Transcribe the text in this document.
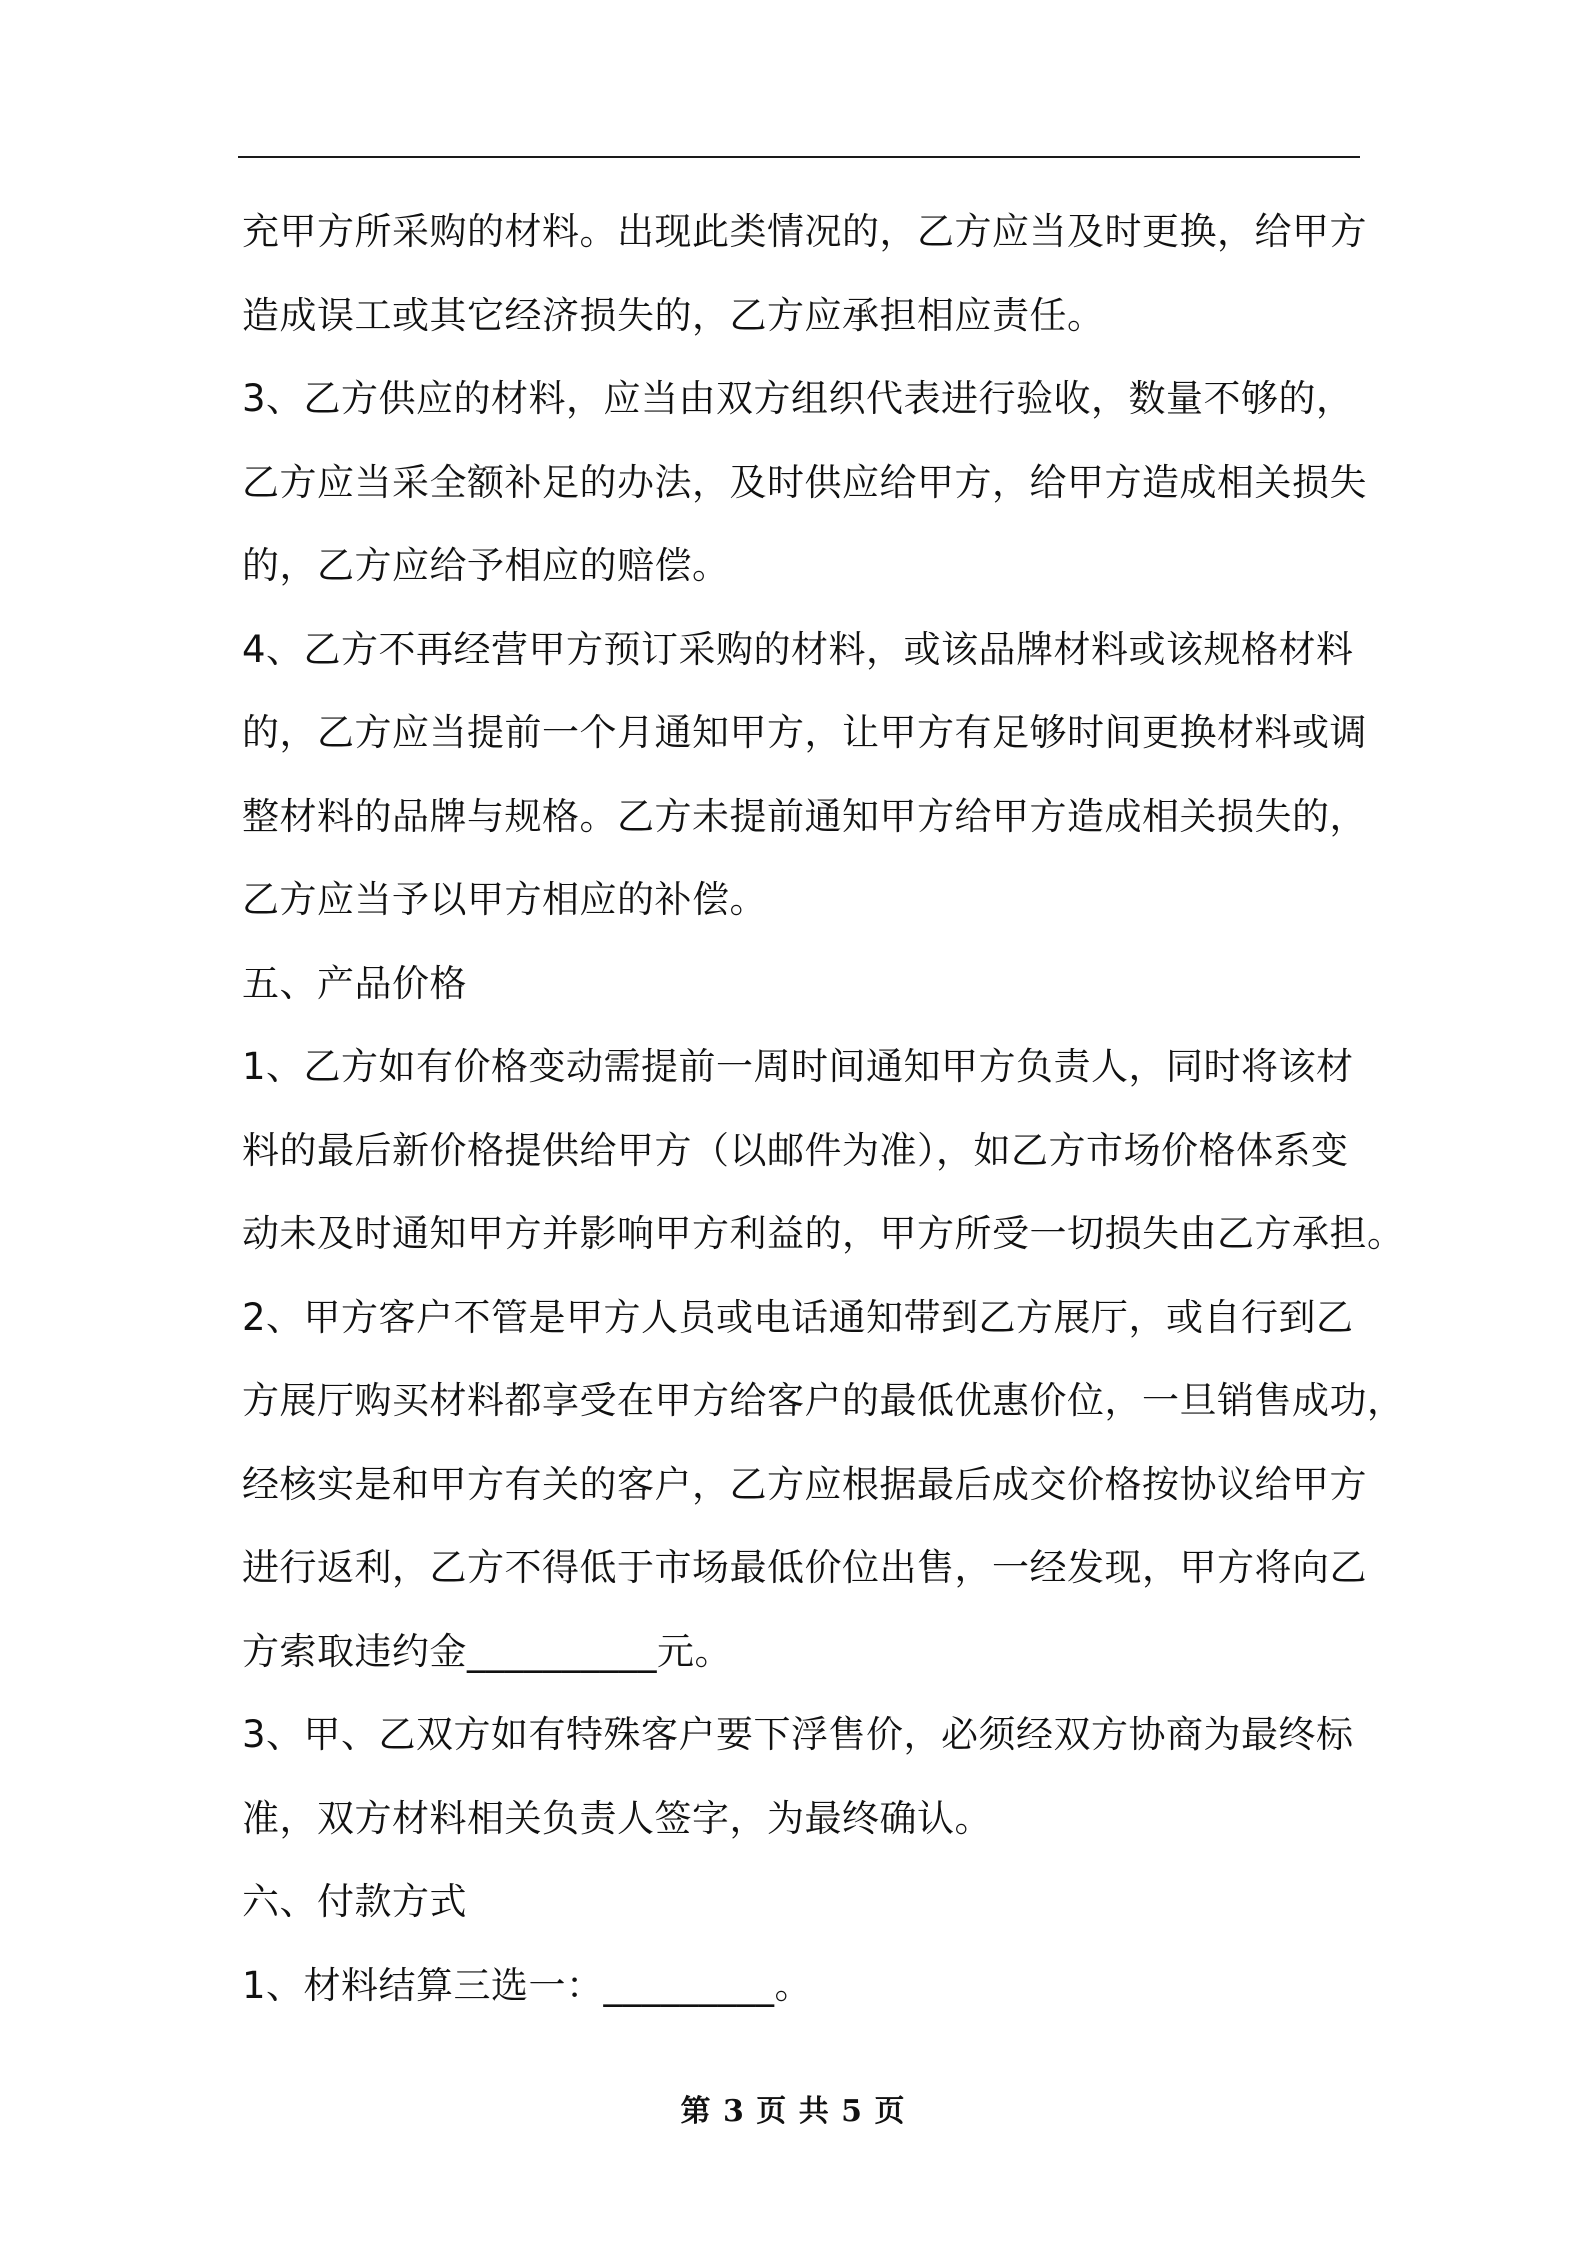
充甲方所采购的材料。出现此类情况的，乙方应当及时更换，给甲方
造成误工或其它经济损失的，乙方应承担相应责任。
3、乙方供应的材料，应当由双方组织代表进行验收，数量不够的，
乙方应当采全额补足的办法，及时供应给甲方，给甲方造成相关损失
的，乙方应给予相应的赔偿。
4、乙方不再经营甲方预订采购的材料，或该品牌材料或该规格材料
的，乙方应当提前一个月通知甲方，让甲方有足够时间更换材料或调
整材料的品牌与规格。乙方未提前通知甲方给甲方造成相关损失的，
乙方应当予以甲方相应的补偿。
五、产品价格
1、乙方如有价格变动需提前一周时间通知甲方负责人，同时将该材
料的最后新价格提供给甲方（以邮件为准），如乙方市场价格体系变
动未及时通知甲方并影响甲方利益的，甲方所受一切损失由乙方承担。
2、甲方客户不管是甲方人员或电话通知带到乙方展厅，或自行到乙
方展厅购买材料都享受在甲方给客户的最低优惠价位，一旦销售成功，
经核实是和甲方有关的客户，乙方应根据最后成交价格按协议给甲方
进行返利，乙方不得低于市场最低价位出售，一经发现，甲方将向乙
方索取违约金__________元。
3、甲、乙双方如有特殊客户要下浮售价，必须经双方协商为最终标
准，双方材料相关负责人签字，为最终确认。
六、付款方式
1、材料结算三选一：_________。
第 3 页 共 5 页
